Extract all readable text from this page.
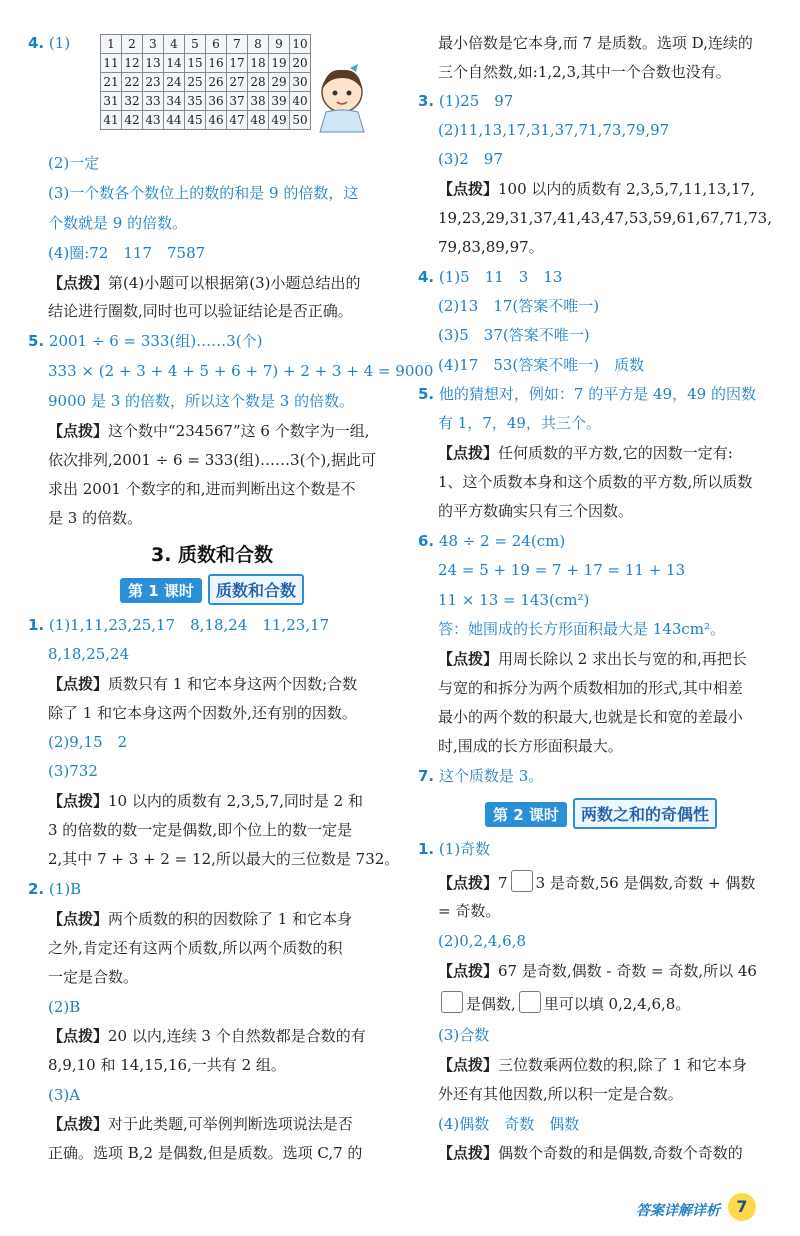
4. (1)	1	2	3	4	5	6	7	8	9	10
11	12	13	14	15	16	17	18	19	20
21	22	23	24	25	26	27	28	29	30
31	32	33	34	35	36	37	38	39	40
41	42	43	44	45	46	47	48	49	50
(2)一定
(3)一个数各个数位上的数的和是 9 的倍数，这
个数就是 9 的倍数。
(4)圈:72　117　7587
【点拨】第(4)小题可以根据第(3)小题总结出的
结论进行圈数,同时也可以验证结论是否正确。
5. 2001 ÷ 6 = 333(组)……3(个)
333 × (2 + 3 + 4 + 5 + 6 + 7) + 2 + 3 + 4 = 9000
9000 是 3 的倍数，所以这个数是 3 的倍数。
【点拨】这个数中“234567”这 6 个数字为一组,
依次排列,2001 ÷ 6 = 333(组)……3(个),据此可
求出 2001 个数字的和,进而判断出这个数是不
是 3 的倍数。
3. 质数和合数
第 1 课时 质数和合数
1. (1)1,11,23,25,17　8,18,24　11,23,17
8,18,25,24
【点拨】质数只有 1 和它本身这两个因数;合数
除了 1 和它本身这两个因数外,还有别的因数。
(2)9,15　2
(3)732
【点拨】10 以内的质数有 2,3,5,7,同时是 2 和
3 的倍数的数一定是偶数,即个位上的数一定是
2,其中 7 + 3 + 2 = 12,所以最大的三位数是 732。
2. (1)B
【点拨】两个质数的积的因数除了 1 和它本身
之外,肯定还有这两个质数,所以两个质数的积
一定是合数。
(2)B
【点拨】20 以内,连续 3 个自然数都是合数的有
8,9,10 和 14,15,16,一共有 2 组。
(3)A
【点拨】对于此类题,可举例判断选项说法是否
正确。选项 B,2 是偶数,但是质数。选项 C,7 的
最小倍数是它本身,而 7 是质数。选项 D,连续的
三个自然数,如:1,2,3,其中一个合数也没有。
3. (1)25　97
(2)11,13,17,31,37,71,73,79,97
(3)2　97
【点拨】100 以内的质数有 2,3,5,7,11,13,17,
19,23,29,31,37,41,43,47,53,59,61,67,71,73,
79,83,89,97。
4. (1)5　11　3　13
(2)13　17(答案不唯一)
(3)5　37(答案不唯一)
(4)17　53(答案不唯一)　质数
5. 他的猜想对，例如：7 的平方是 49，49 的因数
有 1，7，49，共三个。
【点拨】任何质数的平方数,它的因数一定有:
1、这个质数本身和这个质数的平方数,所以质数
的平方数确实只有三个因数。
6. 48 ÷ 2 = 24(cm)
24 = 5 + 19 = 7 + 17 = 11 + 13
11 × 13 = 143(cm²)
答：她围成的长方形面积最大是 143cm²。
【点拨】用周长除以 2 求出长与宽的和,再把长
与宽的和拆分为两个质数相加的形式,其中相差
最小的两个数的积最大,也就是长和宽的差最小
时,围成的长方形面积最大。
7. 这个质数是 3。
第 2 课时 两数之和的奇偶性
1. (1)奇数
【点拨】7 3 是奇数,56 是偶数,奇数 + 偶数
= 奇数。
(2)0,2,4,6,8
【点拨】67 是奇数,偶数 - 奇数 = 奇数,所以 46
是偶数, 里可以填 0,2,4,6,8。
(3)合数
【点拨】三位数乘两位数的积,除了 1 和它本身
外还有其他因数,所以积一定是合数。
(4)偶数　奇数　偶数
【点拨】偶数个奇数的和是偶数,奇数个奇数的
答案详解详析	7
